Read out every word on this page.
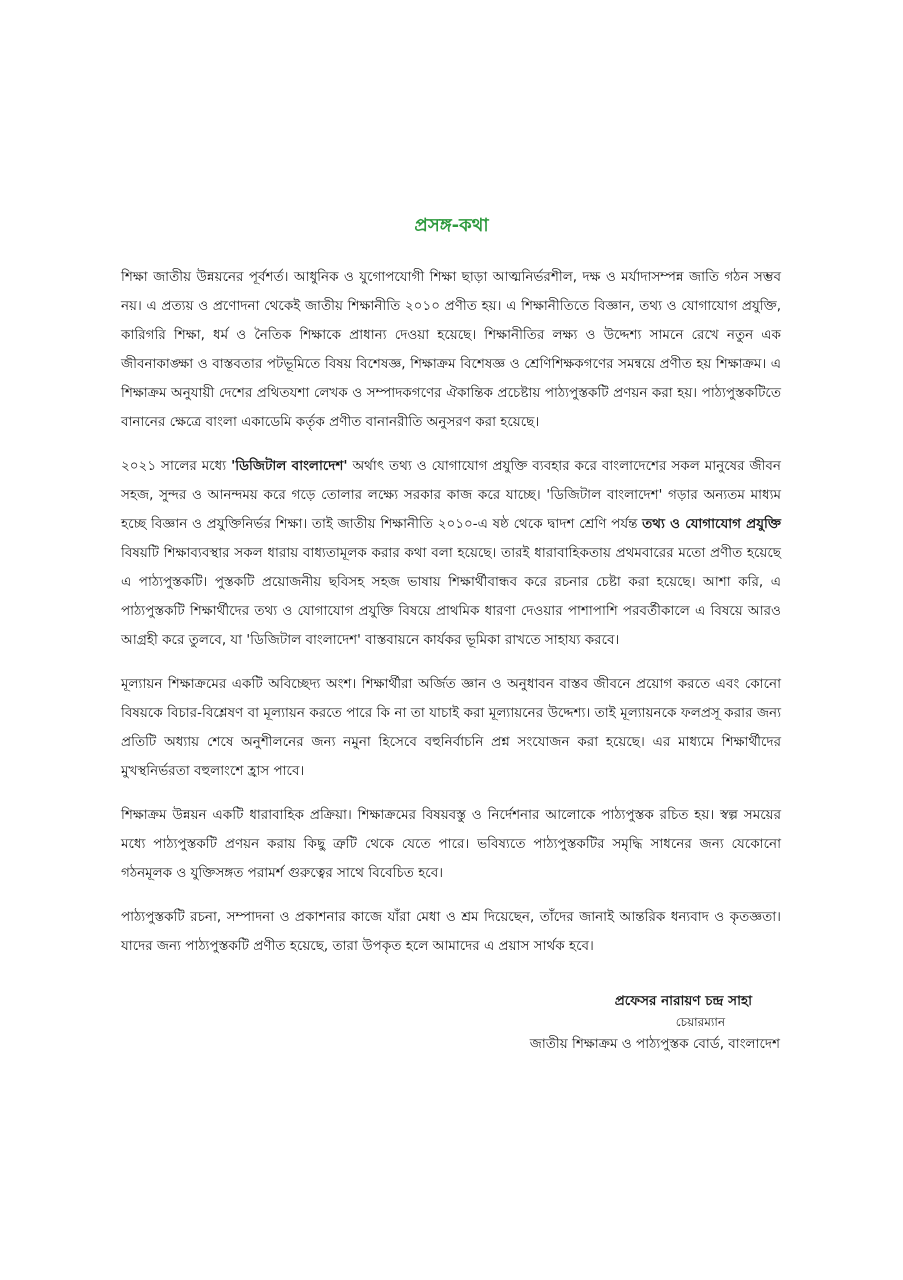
প্রসঙ্গ-কথা

শিক্ষা জাতীয় উন্নয়নের পূর্বশর্ত। আধুনিক ও যুগোপযোগী শিক্ষা ছাড়া আত্মনির্ভরশীল, দক্ষ ও মর্যাদাসম্পন্ন জাতি গঠন সম্ভব নয়। এ প্রত্যয় ও প্রণোদনা থেকেই জাতীয় শিক্ষানীতি ২০১০ প্রণীত হয়। এ শিক্ষানীতিতে বিজ্ঞান, তথ্য ও যোগাযোগ প্রযুক্তি, কারিগরি শিক্ষা, ধর্ম ও নৈতিক শিক্ষাকে প্রাধান্য দেওয়া হয়েছে। শিক্ষানীতির লক্ষ্য ও উদ্দেশ্য সামনে রেখে নতুন এক জীবনাকাঙ্ক্ষা ও বাস্তবতার পটভূমিতে বিষয় বিশেষজ্ঞ, শিক্ষাক্রম বিশেষজ্ঞ ও শ্রেণিশিক্ষকগণের সমন্বয়ে প্রণীত হয় শিক্ষাক্রম। এ শিক্ষাক্রম অনুযায়ী দেশের প্রথিতযশা লেখক ও সম্পাদকগণের ঐকান্তিক প্রচেষ্টায় পাঠ্যপুস্তকটি প্রণয়ন করা হয়। পাঠ্যপুস্তকটিতে বানানের ক্ষেত্রে বাংলা একাডেমি কর্তৃক প্রণীত বানানরীতি অনুসরণ করা হয়েছে।

২০২১ সালের মধ্যে 'ডিজিটাল বাংলাদেশ' অর্থাৎ তথ্য ও যোগাযোগ প্রযুক্তি ব্যবহার করে বাংলাদেশের সকল মানুষের জীবন সহজ, সুন্দর ও আনন্দময় করে গড়ে তোলার লক্ষ্যে সরকার কাজ করে যাচ্ছে। 'ডিজিটাল বাংলাদেশ' গড়ার অন্যতম মাধ্যম হচ্ছে বিজ্ঞান ও প্রযুক্তিনির্ভর শিক্ষা। তাই জাতীয় শিক্ষানীতি ২০১০-এ ষষ্ঠ থেকে দ্বাদশ শ্রেণি পর্যন্ত তথ্য ও যোগাযোগ প্রযুক্তি বিষয়টি শিক্ষাব্যবস্থার সকল ধারায় বাধ্যতামূলক করার কথা বলা হয়েছে। তারই ধারাবাহিকতায় প্রথমবারের মতো প্রণীত হয়েছে এ পাঠ্যপুস্তকটি। পুস্তকটি প্রয়োজনীয় ছবিসহ সহজ ভাষায় শিক্ষার্থীবান্ধব করে রচনার চেষ্টা করা হয়েছে। আশা করি, এ পাঠ্যপুস্তকটি শিক্ষার্থীদের তথ্য ও যোগাযোগ প্রযুক্তি বিষয়ে প্রাথমিক ধারণা দেওয়ার পাশাপাশি পরবর্তীকালে এ বিষয়ে আরও আগ্রহী করে তুলবে, যা 'ডিজিটাল বাংলাদেশ' বাস্তবায়নে কার্যকর ভূমিকা রাখতে সাহায্য করবে।

মূল্যায়ন শিক্ষাক্রমের একটি অবিচ্ছেদ্য অংশ। শিক্ষার্থীরা অর্জিত জ্ঞান ও অনুধাবন বাস্তব জীবনে প্রয়োগ করতে এবং কোনো বিষয়কে বিচার-বিশ্লেষণ বা মূল্যায়ন করতে পারে কি না তা যাচাই করা মূল্যায়নের উদ্দেশ্য। তাই মূল্যায়নকে ফলপ্রসূ করার জন্য প্রতিটি অধ্যায় শেষে অনুশীলনের জন্য নমুনা হিসেবে বহুনির্বাচনি প্রশ্ন সংযোজন করা হয়েছে। এর মাধ্যমে শিক্ষার্থীদের মুখস্থনির্ভরতা বহুলাংশে হ্রাস পাবে।

শিক্ষাক্রম উন্নয়ন একটি ধারাবাহিক প্রক্রিয়া। শিক্ষাক্রমের বিষয়বস্তু ও নির্দেশনার আলোকে পাঠ্যপুস্তক রচিত হয়। স্বল্প সময়ের মধ্যে পাঠ্যপুস্তকটি প্রণয়ন করায় কিছু ত্রুটি থেকে যেতে পারে। ভবিষ্যতে পাঠ্যপুস্তকটির সমৃদ্ধি সাধনের জন্য যেকোনো গঠনমূলক ও যুক্তিসঙ্গত পরামর্শ গুরুত্বের সাথে বিবেচিত হবে।

পাঠ্যপুস্তকটি রচনা, সম্পাদনা ও প্রকাশনার কাজে যাঁরা মেধা ও শ্রম দিয়েছেন, তাঁদের জানাই আন্তরিক ধন্যবাদ ও কৃতজ্ঞতা। যাদের জন্য পাঠ্যপুস্তকটি প্রণীত হয়েছে, তারা উপকৃত হলে আমাদের এ প্রয়াস সার্থক হবে।

প্রফেসর নারায়ণ চন্দ্র সাহা
চেয়ারম্যান
জাতীয় শিক্ষাক্রম ও পাঠ্যপুস্তক বোর্ড, বাংলাদেশ
